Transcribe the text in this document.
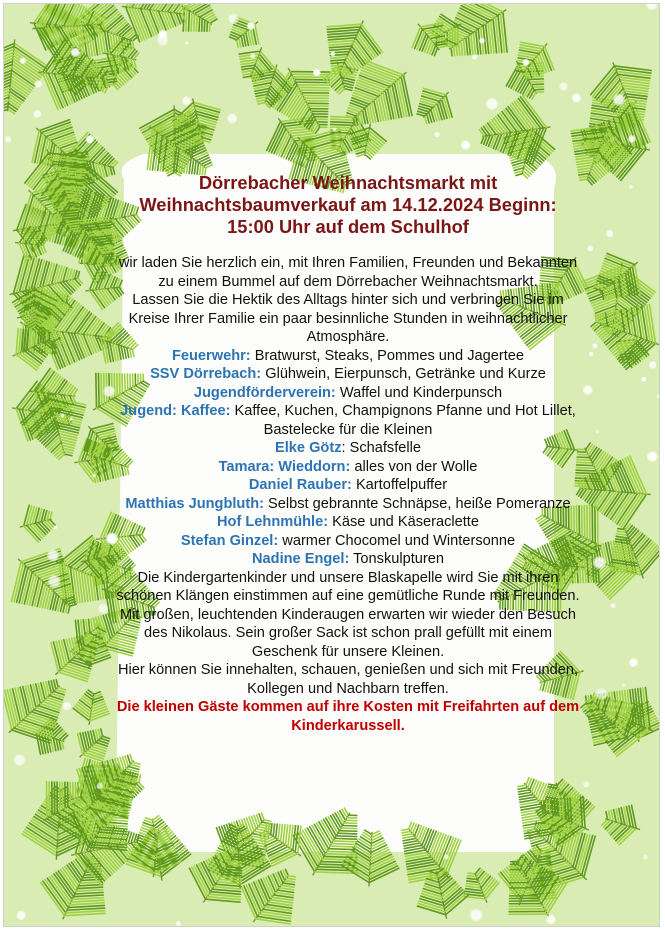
Dörrebacher Weihnachtsmarkt mit Weihnachtsbaumverkauf am 14.12.2024 Beginn: 15:00 Uhr auf dem Schulhof
wir laden Sie herzlich ein, mit Ihren Familien, Freunden und Bekannten zu einem Bummel auf dem Dörrebacher Weihnachtsmarkt.
Lassen Sie die Hektik des Alltags hinter sich und verbringen Sie im Kreise Ihrer Familie ein paar besinnliche Stunden in weihnachtlicher Atmosphäre.
Feuerwehr: Bratwurst, Steaks, Pommes und Jagertee
SSV Dörrebach: Glühwein, Eierpunsch, Getränke und Kurze
Jugendförderverein: Waffel und Kinderpunsch
Jugend: Kaffee: Kaffee, Kuchen, Champignons Pfanne und Hot Lillet, Bastelecke für die Kleinen
Elke Götz: Schafsfelle
Tamara: Wieddorn: alles von der Wolle
Daniel Rauber: Kartoffelpuffer
Matthias Jungbluth: Selbst gebrannte Schnäpse, heiße Pomeranze
Hof Lehnmühle: Käse und Käseraclette
Stefan Ginzel: warmer Chocomel und Wintersonne
Nadine Engel: Tonskulpturen
Die Kindergartenkinder und unsere Blaskapelle wird Sie mit ihren schönen Klängen einstimmen auf eine gemütliche Runde mit Freunden.
Mit großen, leuchtenden Kinderaugen erwarten wir wieder den Besuch des Nikolaus. Sein großer Sack ist schon prall gefüllt mit einem Geschenk für unsere Kleinen.
Hier können Sie innehalten, schauen, genießen und sich mit Freunden, Kollegen und Nachbarn treffen.
Die kleinen Gäste kommen auf ihre Kosten mit Freifahrten auf dem Kinderkarussell.
